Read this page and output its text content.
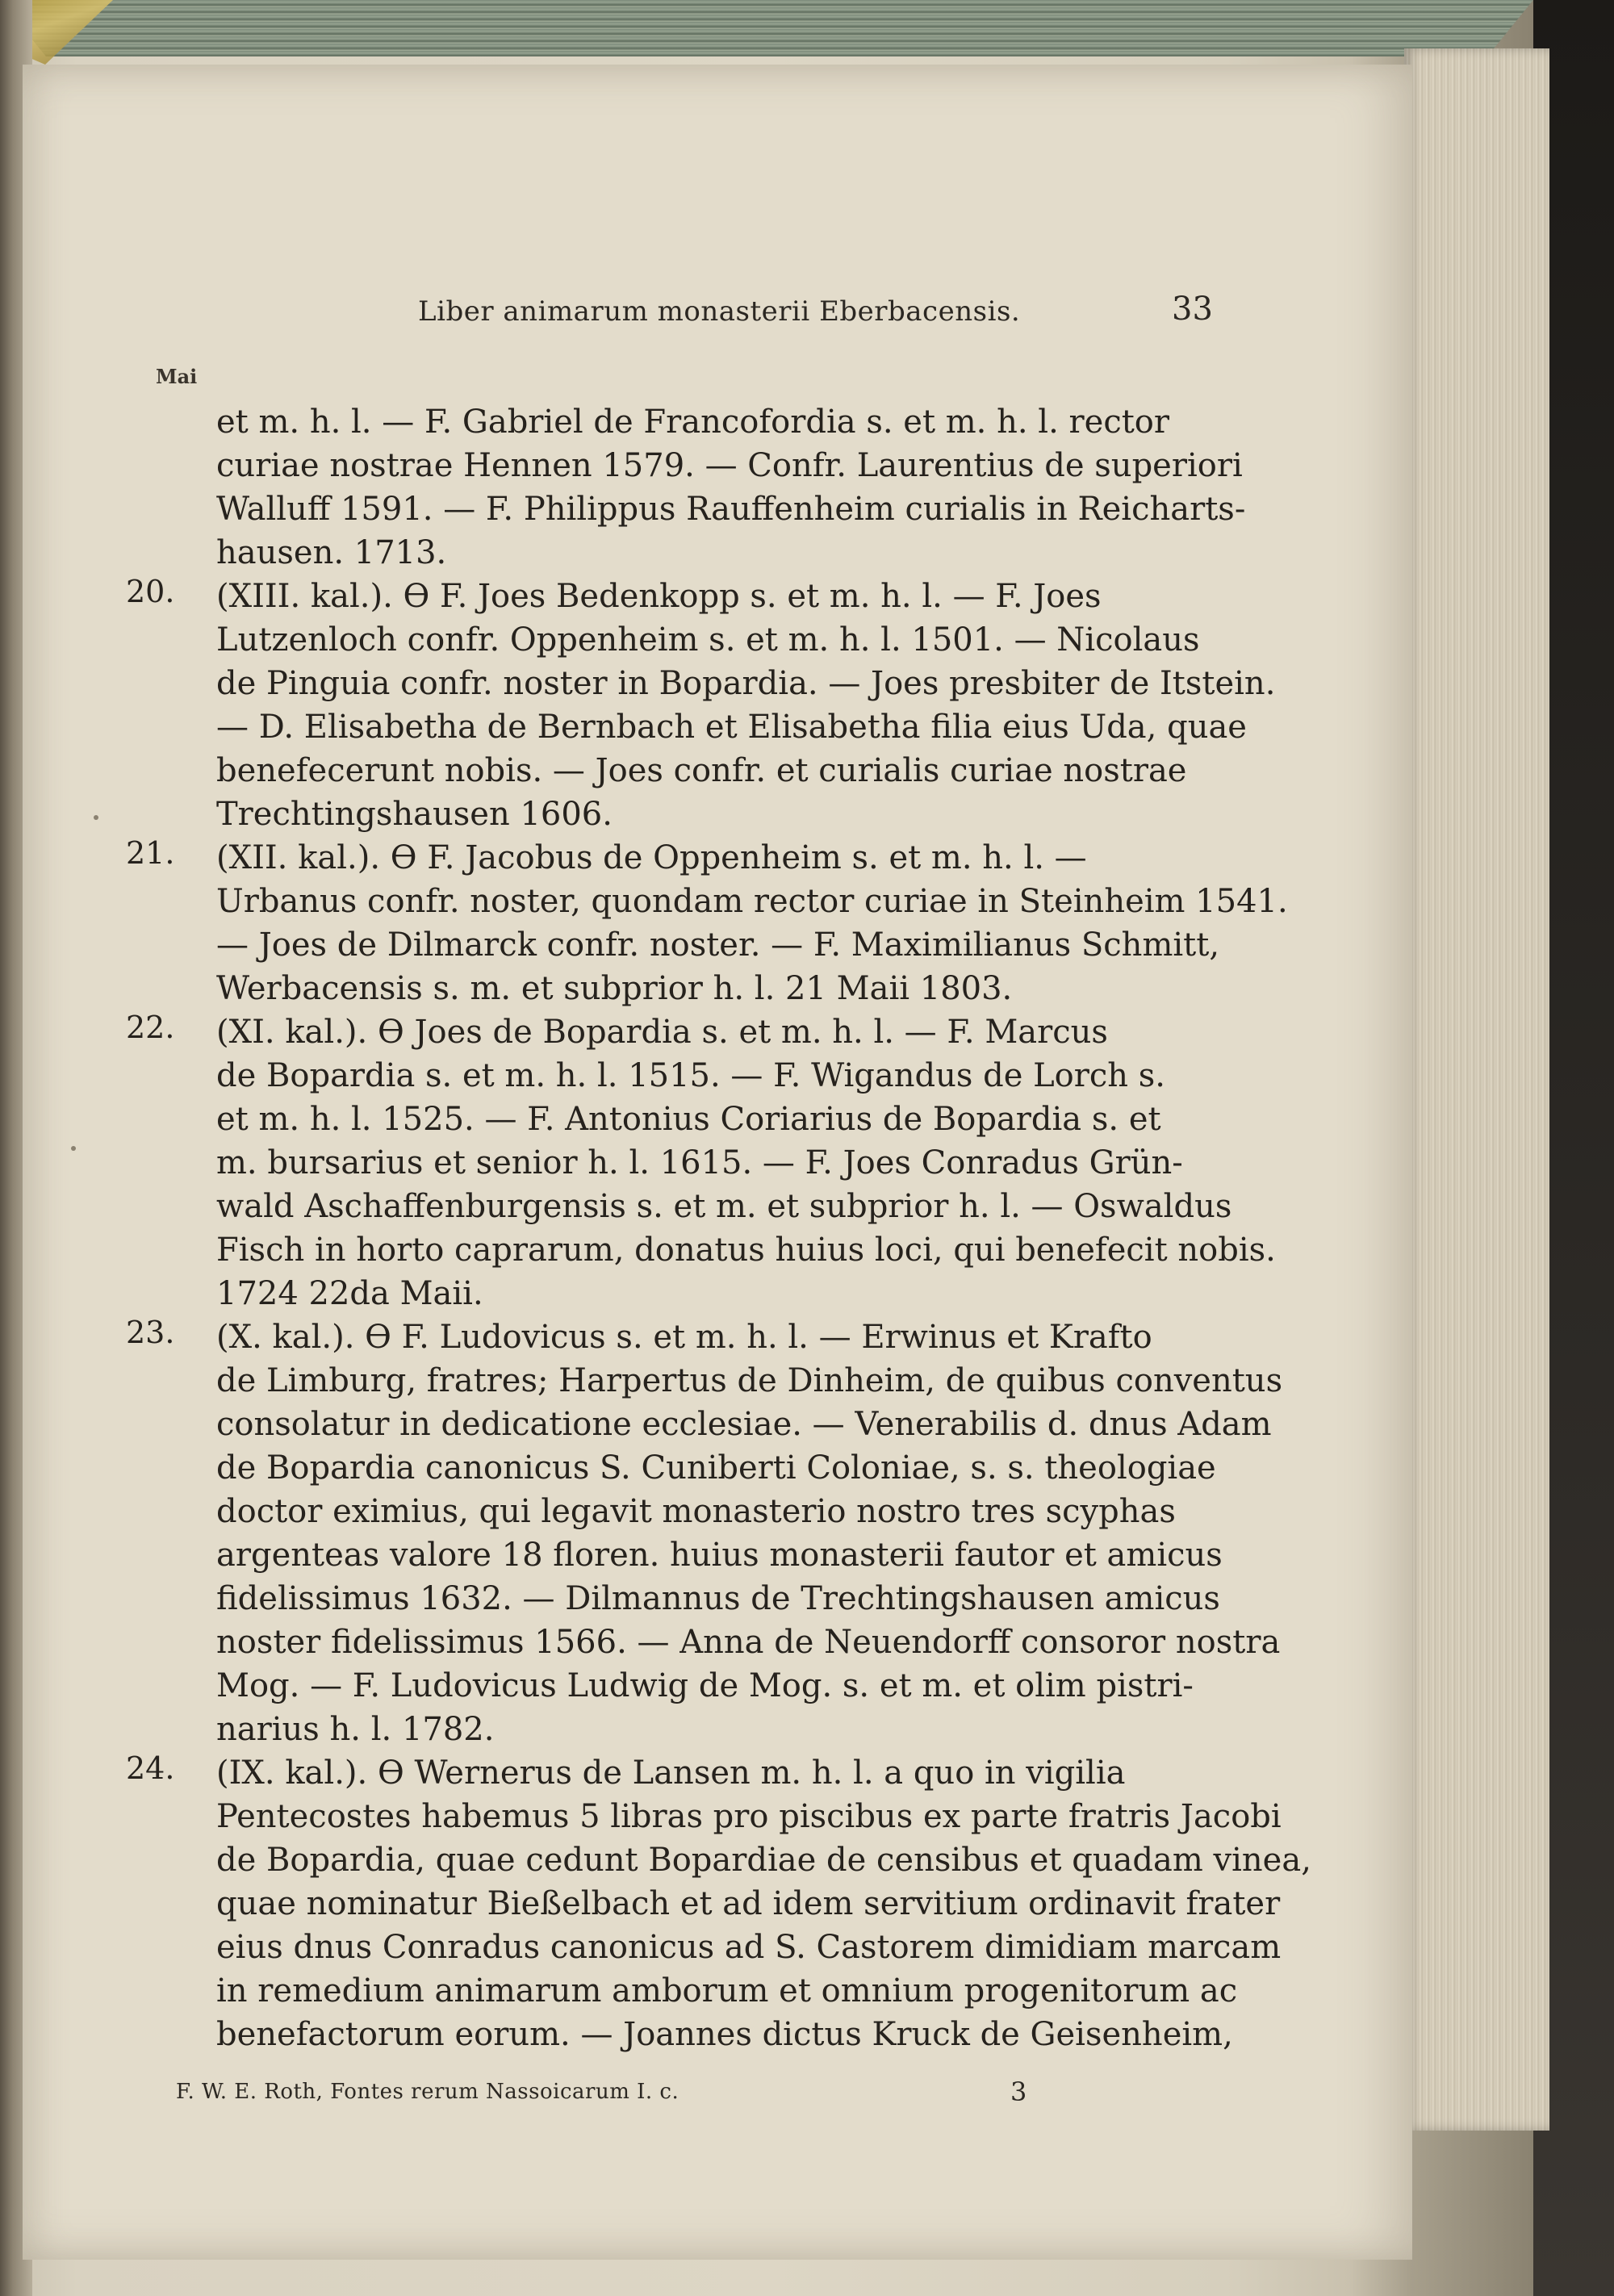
Liber animarum monasterii Eberbacensis.	33
Mai
et m. h. l. — F. Gabriel de Francofordia s. et m. h. l. rector
curiae nostrae Hennen 1579. — Confr. Laurentius de superiori
Walluff 1591. — F. Philippus Rauffenheim curialis in Reicharts-
hausen. 1713.
20. (XIII. kal.). ϴ F. Joes Bedenkopp s. et m. h. l. — F. Joes
Lutzenloch confr. Oppenheim s. et m. h. l. 1501. — Nicolaus
de Pinguia confr. noster in Bopardia. — Joes presbiter de Itstein.
— D. Elisabetha de Bernbach et Elisabetha filia eius Uda, quae
benefecerunt nobis. — Joes confr. et curialis curiae nostrae
Trechtingshausen 1606.
21. (XII. kal.). ϴ F. Jacobus de Oppenheim s. et m. h. l. —
Urbanus confr. noster, quondam rector curiae in Steinheim 1541.
— Joes de Dilmarck confr. noster. — F. Maximilianus Schmitt,
Werbacensis s. m. et subprior h. l. 21 Maii 1803.
22. (XI. kal.). ϴ Joes de Bopardia s. et m. h. l. — F. Marcus
de Bopardia s. et m. h. l. 1515. — F. Wigandus de Lorch s.
et m. h. l. 1525. — F. Antonius Coriarius de Bopardia s. et
m. bursarius et senior h. l. 1615. — F. Joes Conradus Grün-
wald Aschaffenburgensis s. et m. et subprior h. l. — Oswaldus
Fisch in horto caprarum, donatus huius loci, qui benefecit nobis.
1724 22da Maii.
23. (X. kal.). ϴ F. Ludovicus s. et m. h. l. — Erwinus et Krafto
de Limburg, fratres; Harpertus de Dinheim, de quibus conventus
consolatur in dedicatione ecclesiae. — Venerabilis d. dnus Adam
de Bopardia canonicus S. Cuniberti Coloniae, s. s. theologiae
doctor eximius, qui legavit monasterio nostro tres scyphas
argenteas valore 18 floren. huius monasterii fautor et amicus
fidelissimus 1632. — Dilmannus de Trechtingshausen amicus
noster fidelissimus 1566. — Anna de Neuendorff consoror nostra
Mog. — F. Ludovicus Ludwig de Mog. s. et m. et olim pistri-
narius h. l. 1782.
24. (IX. kal.). ϴ Wernerus de Lansen m. h. l. a quo in vigilia
Pentecostes habemus 5 libras pro piscibus ex parte fratris Jacobi
de Bopardia, quae cedunt Bopardiae de censibus et quadam vinea,
quae nominatur Bießelbach et ad idem servitium ordinavit frater
eius dnus Conradus canonicus ad S. Castorem dimidiam marcam
in remedium animarum amborum et omnium progenitorum ac
benefactorum eorum. — Joannes dictus Kruck de Geisenheim,
F. W. E. Roth, Fontes rerum Nassoicarum I. c.	3
